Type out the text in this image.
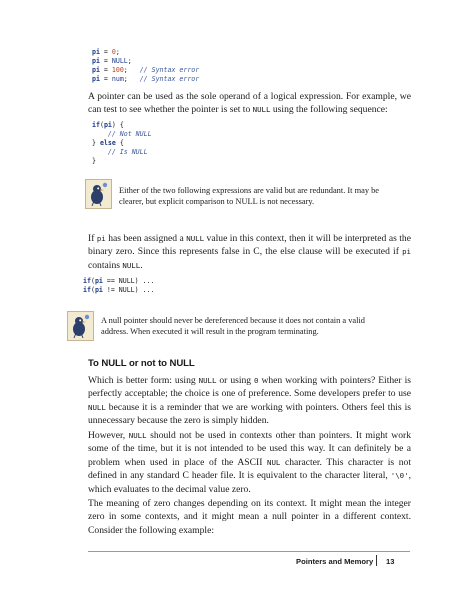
pi = 0;
pi = NULL;
pi = 100;   // Syntax error
pi = num;   // Syntax error
A pointer can be used as the sole operand of a logical expression. For example, we can test to see whether the pointer is set to NULL using the following sequence:
if(pi) {
// Not NULL
} else {
// Is NULL
}
Either of the two following expressions are valid but are redundant. It may be clearer, but explicit comparison to NULL is not necessary.
If pi has been assigned a NULL value in this context, then it will be interpreted as the binary zero. Since this represents false in C, the else clause will be executed if pi contains NULL.
if(pi == NULL) ...
if(pi != NULL) ...
A null pointer should never be dereferenced because it does not contain a valid address. When executed it will result in the program terminating.
To NULL or not to NULL
Which is better form: using NULL or using 0 when working with pointers? Either is perfectly acceptable; the choice is one of preference. Some developers prefer to use NULL because it is a reminder that we are working with pointers. Others feel this is unnecessary because the zero is simply hidden.
However, NULL should not be used in contexts other than pointers. It might work some of the time, but it is not intended to be used this way. It can definitely be a problem when used in place of the ASCII NUL character. This character is not defined in any standard C header file. It is equivalent to the character literal, '\0', which evaluates to the decimal value zero.
The meaning of zero changes depending on its context. It might mean the integer zero in some contexts, and it might mean a null pointer in a different context. Consider the following example:
Pointers and Memory 13
